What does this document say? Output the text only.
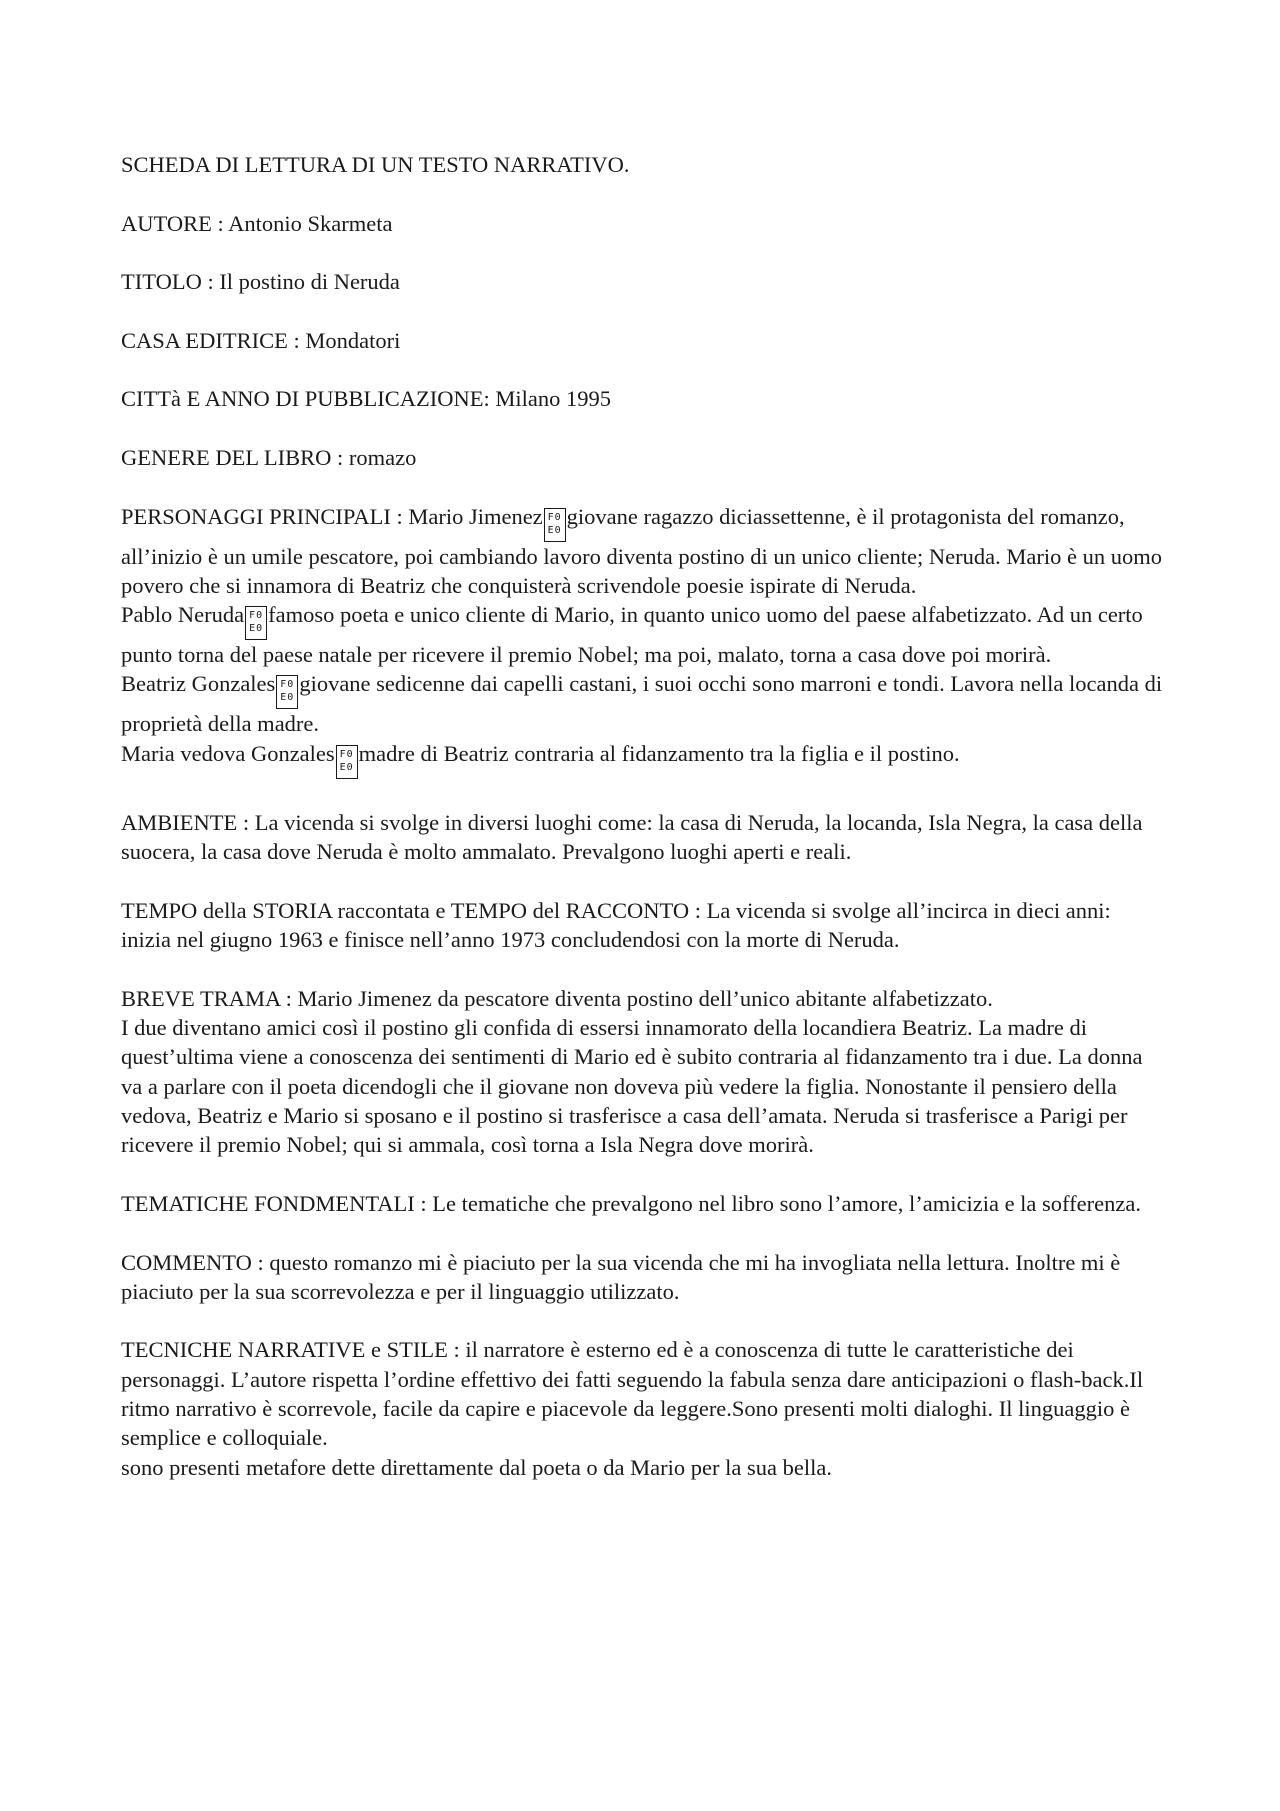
SCHEDA DI LETTURA DI UN TESTO NARRATIVO.

AUTORE : Antonio Skarmeta

TITOLO : Il postino di Neruda

CASA EDITRICE : Mondatori

CITTà E ANNO DI PUBBLICAZIONE: Milano 1995

GENERE DEL LIBRO : romazo

PERSONAGGI PRINCIPALI : Mario Jimenez F0
E0
giovane ragazzo diciassettenne, è il protagonista del romanzo, all’inizio è un umile pescatore, poi cambiando lavoro diventa postino di un unico cliente; Neruda. Mario è un uomo povero che si innamora di Beatriz che conquisterà scrivendole poesie ispirate di Neruda.
Pablo Neruda F0
E0
famoso poeta e unico cliente di Mario, in quanto unico uomo del paese alfabetizzato. Ad un certo punto torna del paese natale per ricevere il premio Nobel; ma poi, malato, torna a casa dove poi morirà.
Beatriz Gonzales F0
E0
giovane sedicenne dai capelli castani, i suoi occhi sono marroni e tondi. Lavora nella locanda di proprietà della madre.
Maria vedova Gonzales F0
E0
madre di Beatriz contraria al fidanzamento tra la figlia e il postino.

AMBIENTE : La vicenda si svolge in diversi luoghi come: la casa di Neruda, la locanda, Isla Negra, la casa della suocera, la casa dove Neruda è molto ammalato. Prevalgono luoghi aperti e reali.

TEMPO della STORIA raccontata e TEMPO del RACCONTO : La vicenda si svolge all’incirca in dieci anni: inizia nel giugno 1963 e finisce nell’anno 1973 concludendosi con la morte di Neruda.

BREVE TRAMA : Mario Jimenez da pescatore diventa postino dell’unico abitante alfabetizzato.
I due diventano amici così il postino gli confida di essersi innamorato della locandiera Beatriz. La madre di quest’ultima viene a conoscenza dei sentimenti di Mario ed è subito contraria al fidanzamento tra i due. La donna va a parlare con il poeta dicendogli che il giovane non doveva più vedere la figlia. Nonostante il pensiero della vedova, Beatriz e Mario si sposano e il postino si trasferisce a casa dell’amata. Neruda si trasferisce a Parigi per ricevere il premio Nobel; qui si ammala, così torna a Isla Negra dove morirà.

TEMATICHE FONDMENTALI : Le tematiche che prevalgono nel libro sono l’amore, l’amicizia e la sofferenza.

COMMENTO : questo romanzo mi è piaciuto per la sua vicenda che mi ha invogliata nella lettura. Inoltre mi è piaciuto per la sua scorrevolezza e per il linguaggio utilizzato.

TECNICHE NARRATIVE e STILE : il narratore è esterno ed è a conoscenza di tutte le caratteristiche dei personaggi. L’autore rispetta l’ordine effettivo dei fatti seguendo la fabula senza dare anticipazioni o flash-back.Il ritmo narrativo è scorrevole, facile da capire e piacevole da leggere.Sono presenti molti dialoghi. Il linguaggio è semplice e colloquiale.
sono presenti metafore dette direttamente dal poeta o da Mario per la sua bella.
